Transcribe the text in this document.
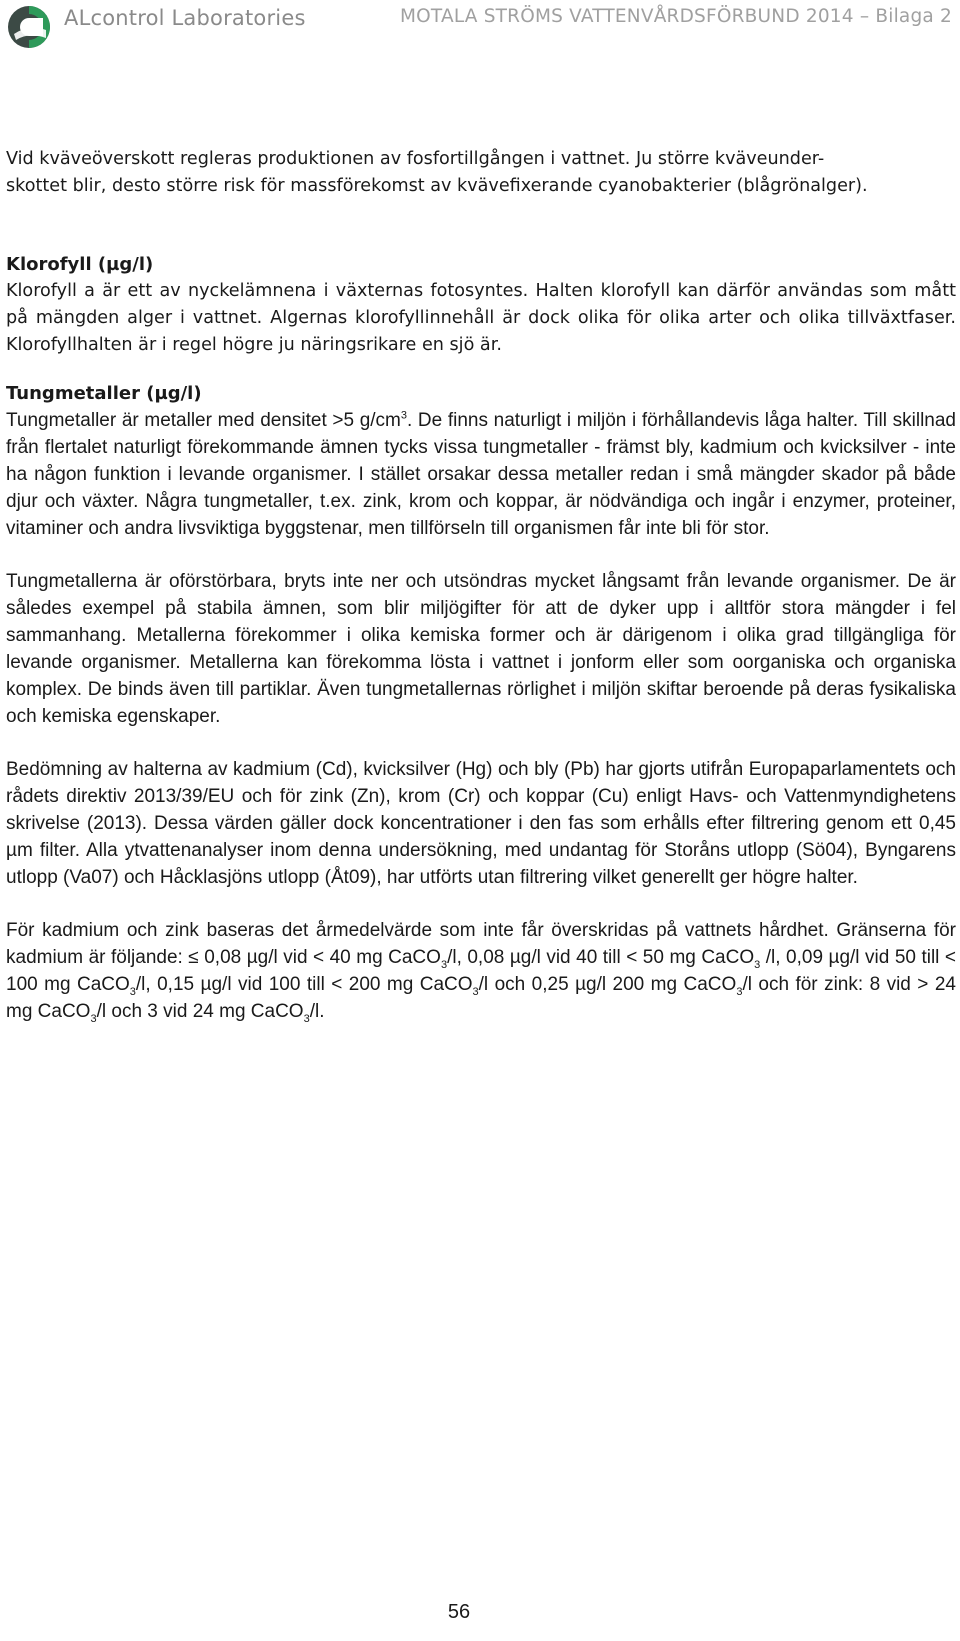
ALcontrol Laboratories	MOTALA STRÖMS VATTENVÅRDSFÖRBUND 2014 – Bilaga 2

Vid kväveöverskott regleras produktionen av fosfortillgången i vattnet. Ju större kväveunder-
skottet blir, desto större risk för massförekomst av kvävefixerande cyanobakterier (blågrönalger).

Klorofyll (µg/l)

Klorofyll a är ett av nyckelämnena i växternas fotosyntes. Halten klorofyll kan därför användas som mått på mängden alger i vattnet. Algernas klorofyllinnehåll är dock olika för olika arter och olika tillväxtfaser. Klorofyllhalten är i regel högre ju näringsrikare en sjö är.

Tungmetaller (µg/l)

Tungmetaller är metaller med densitet >5 $g/cm^3$. De finns naturligt i miljön i förhållandevis låga halter. Till skillnad från flertalet naturligt förekommande ämnen tycks vissa tungmetaller - främst bly, kadmium och kvicksilver - inte ha någon funktion i levande organismer. I stället orsakar dessa metaller redan i små mängder skador på både djur och växter. Några tungmetaller, t.ex. zink, krom och koppar, är nödvändiga och ingår i enzymer, proteiner, vitaminer och andra livsviktiga byggstenar, men tillförseln till organismen får inte bli för stor.

Tungmetallerna är oförstörbara, bryts inte ner och utsöndras mycket långsamt från levande organismer. De är således exempel på stabila ämnen, som blir miljögifter för att de dyker upp i alltför stora mängder i fel sammanhang. Metallerna förekommer i olika kemiska former och är därigenom i olika grad tillgängliga för levande organismer. Metallerna kan förekomma lösta i vattnet i jonform eller som oorganiska och organiska komplex. De binds även till partiklar. Även tungmetallernas rörlighet i miljön skiftar beroende på deras fysikaliska och kemiska egenskaper.

Bedömning av halterna av kadmium (Cd), kvicksilver (Hg) och bly (Pb) har gjorts utifrån Europaparlamentets och rådets direktiv 2013/39/EU och för zink (Zn), krom (Cr) och koppar (Cu) enligt Havs- och Vattenmyndighetens skrivelse (2013). Dessa värden gäller dock koncentrationer i den fas som erhålls efter filtrering genom ett 0,45 µm filter. Alla ytvattenanalyser inom denna undersökning, med undantag för Storåns utlopp (Sö04), Byngarens utlopp (Va07) och Håcklasjöns utlopp (Åt09), har utförts utan filtrering vilket generellt ger högre halter.

För kadmium och zink baseras det årmedelvärde som inte får överskridas på vattnets hårdhet. Gränserna för kadmium är följande: ≤ 0,08 µg/l vid < 40 mg CaCO$_3$/l, 0,08 µg/l vid 40 till < 50 mg CaCO$_3$ /l, 0,09 µg/l vid 50 till < 100 mg CaCO$_3$/l, 0,15 µg/l vid 100 till < 200 mg CaCO$_3$/l och 0,25 µg/l 200 mg CaCO$_3$/l och för zink: 8 vid > 24 mg CaCO$_3$/l och 3 vid 24 mg CaCO$_3$/l.

56
